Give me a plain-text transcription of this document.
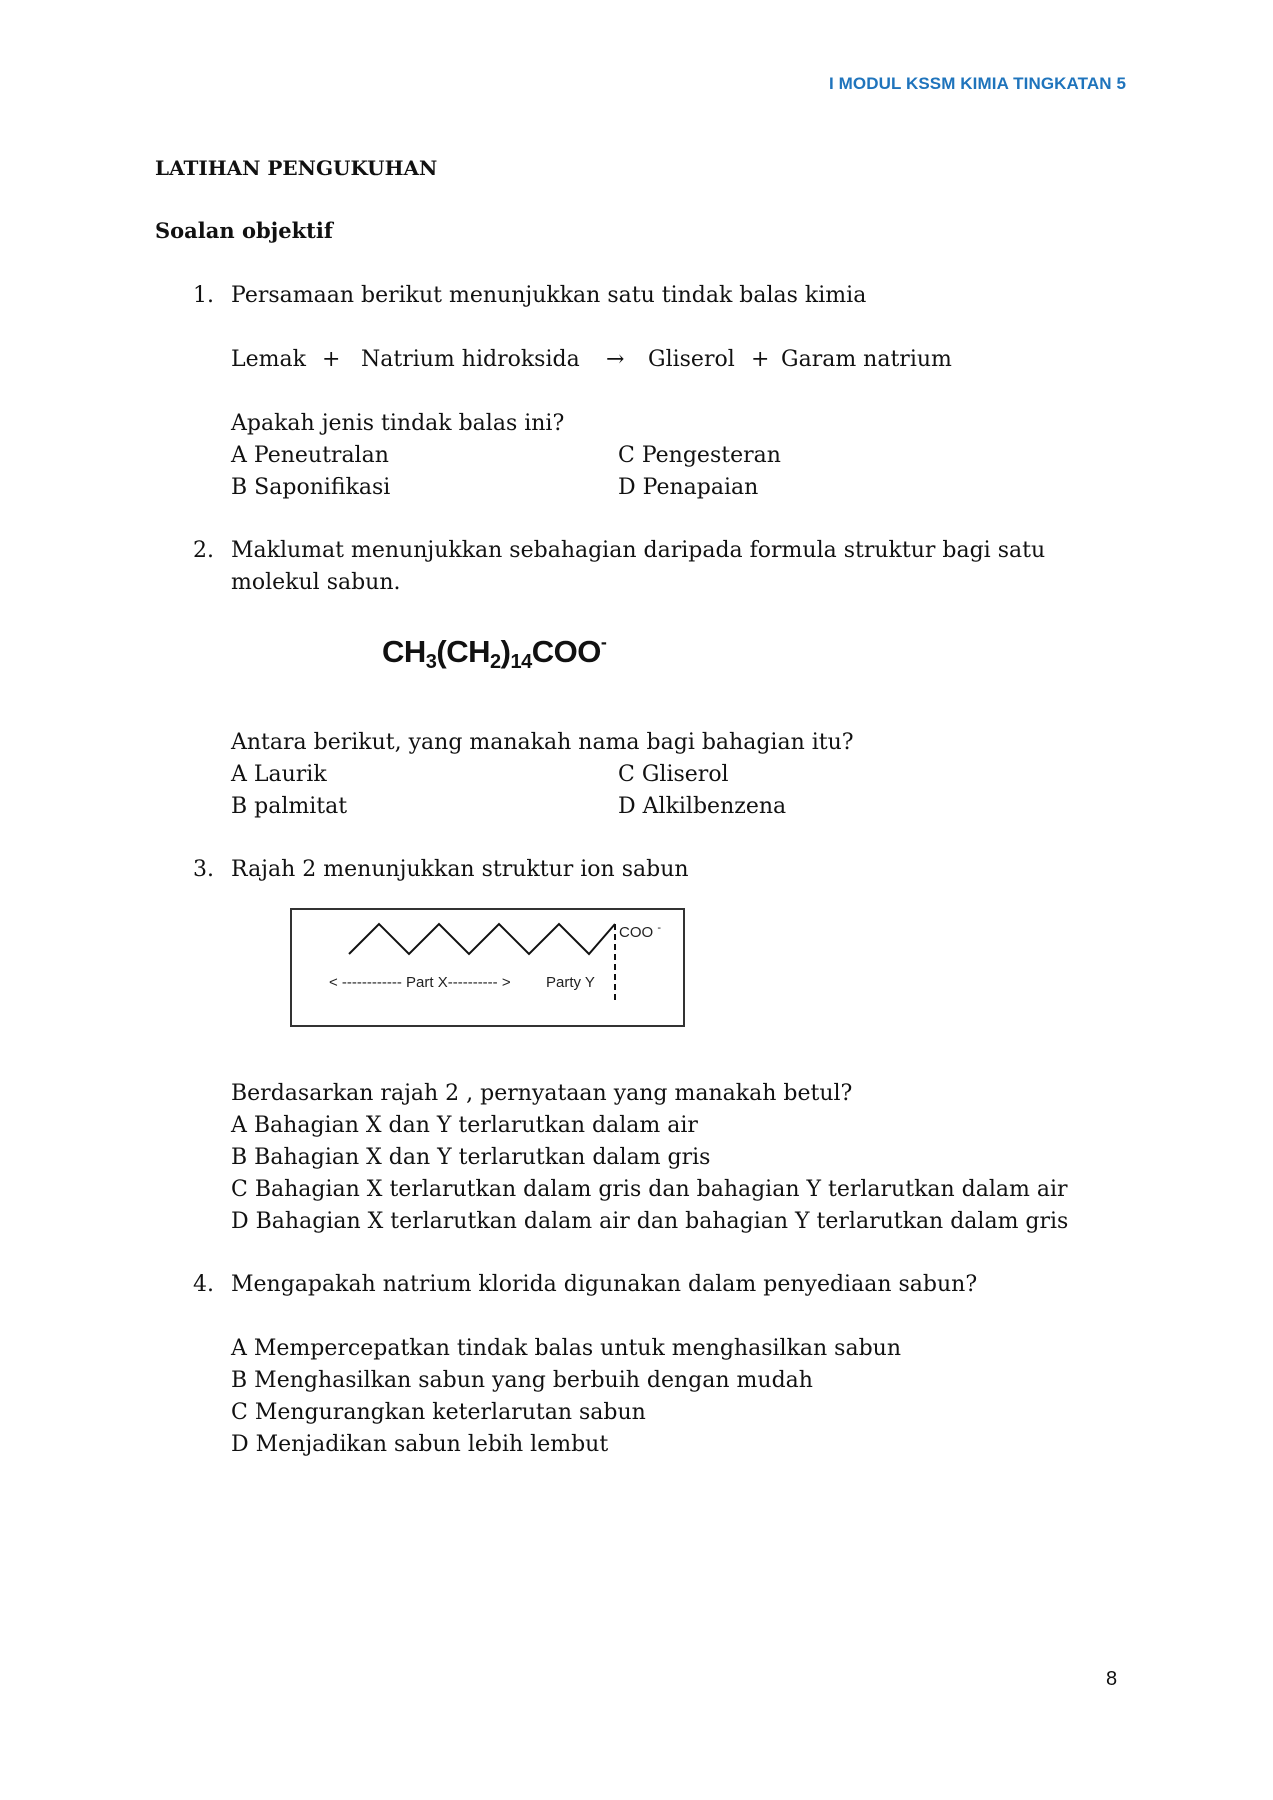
I MODUL KSSM KIMIA TINGKATAN 5
LATIHAN PENGUKUHAN
Soalan objektif
1. Persamaan berikut menunjukkan satu tindak balas kimia
Lemak + Natrium hidroksida → Gliserol + Garam natrium
Apakah jenis tindak balas ini?
A Peneutralan
B Saponifikasi
C Pengesteran
D Penapaian
2. Maklumat menunjukkan sebahagian daripada formula struktur bagi satu
molekul sabun.
$CH_3(CH_2)_{14}COO^-$
Antara berikut, yang manakah nama bagi bahagian itu?
A Laurik
B palmitat
C Gliserol
D Alkilbenzena
3. Rajah 2 menunjukkan struktur ion sabun
COO -
< ------------ Part X---------- > Party Y
Berdasarkan rajah 2 , pernyataan yang manakah betul?
A Bahagian X dan Y terlarutkan dalam air
B Bahagian X dan Y terlarutkan dalam gris
C Bahagian X terlarutkan dalam gris dan bahagian Y terlarutkan dalam air
D Bahagian X terlarutkan dalam air dan bahagian Y terlarutkan dalam gris
4. Mengapakah natrium klorida digunakan dalam penyediaan sabun?
A Mempercepatkan tindak balas untuk menghasilkan sabun
B Menghasilkan sabun yang berbuih dengan mudah
C Mengurangkan keterlarutan sabun
D Menjadikan sabun lebih lembut
8
